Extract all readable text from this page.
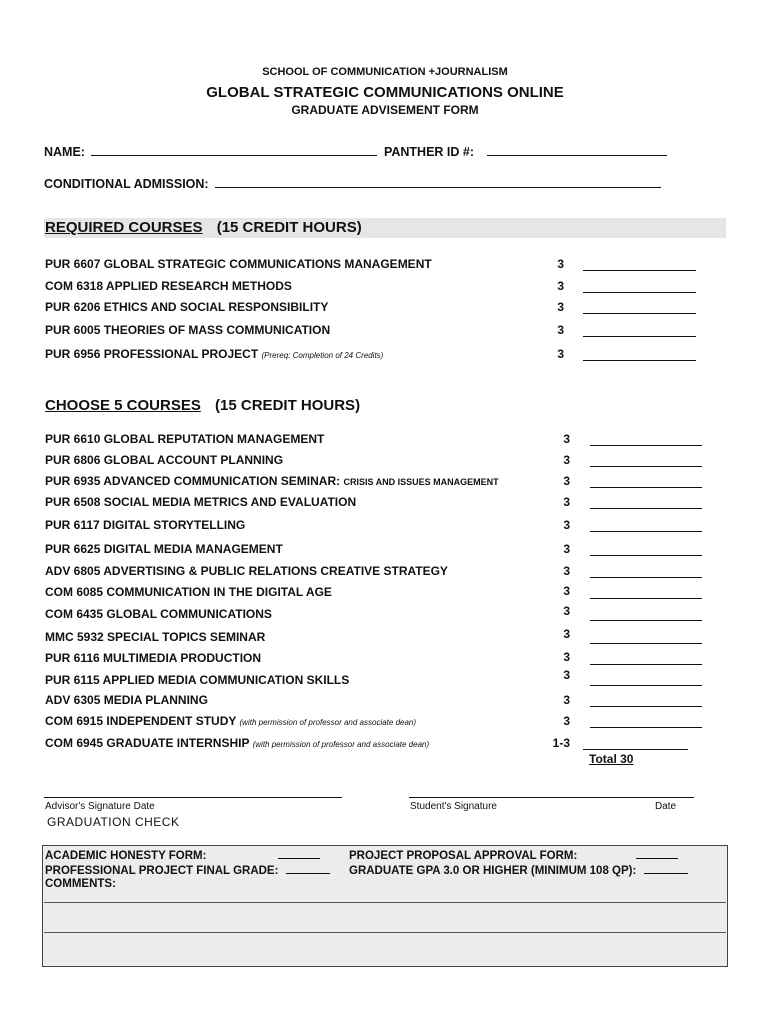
SCHOOL OF COMMUNICATION +JOURNALISM
GLOBAL STRATEGIC COMMUNICATIONS ONLINE
GRADUATE ADVISEMENT FORM
NAME:	PANTHER ID #:
CONDITIONAL ADMISSION:
REQUIRED COURSES (15 CREDIT HOURS)
PUR 6607 GLOBAL STRATEGIC COMMUNICATIONS MANAGEMENT	3
COM 6318 APPLIED RESEARCH METHODS	3
PUR 6206 ETHICS AND SOCIAL RESPONSIBILITY	3
PUR 6005 THEORIES OF MASS COMMUNICATION	3
PUR 6956 PROFESSIONAL PROJECT (Prereq: Completion of 24 Credits)	3
CHOOSE 5 COURSES (15 CREDIT HOURS)
PUR 6610 GLOBAL REPUTATION MANAGEMENT	3
PUR 6806 GLOBAL ACCOUNT PLANNING	3
PUR 6935 ADVANCED COMMUNICATION SEMINAR: CRISIS AND ISSUES MANAGEMENT	3
PUR 6508 SOCIAL MEDIA METRICS AND EVALUATION	3
PUR 6117 DIGITAL STORYTELLING	3
PUR 6625 DIGITAL MEDIA MANAGEMENT	3
ADV 6805 ADVERTISING & PUBLIC RELATIONS CREATIVE STRATEGY	3
COM 6085 COMMUNICATION IN THE DIGITAL AGE	3
COM 6435 GLOBAL COMMUNICATIONS	3
MMC 5932 SPECIAL TOPICS SEMINAR	3
PUR 6116 MULTIMEDIA PRODUCTION	3
PUR 6115 APPLIED MEDIA COMMUNICATION SKILLS	3
ADV 6305 MEDIA PLANNING	3
COM 6915 INDEPENDENT STUDY (with permission of professor and associate dean)	3
COM 6945 GRADUATE INTERNSHIP (with permission of professor and associate dean)	1-3
Total 30
Advisor's Signature Date	Student's Signature	Date
GRADUATION CHECK
ACADEMIC HONESTY FORM:	PROJECT PROPOSAL APPROVAL FORM:
PROFESSIONAL PROJECT FINAL GRADE:	GRADUATE GPA 3.0 OR HIGHER (MINIMUM 108 QP):
COMMENTS:
